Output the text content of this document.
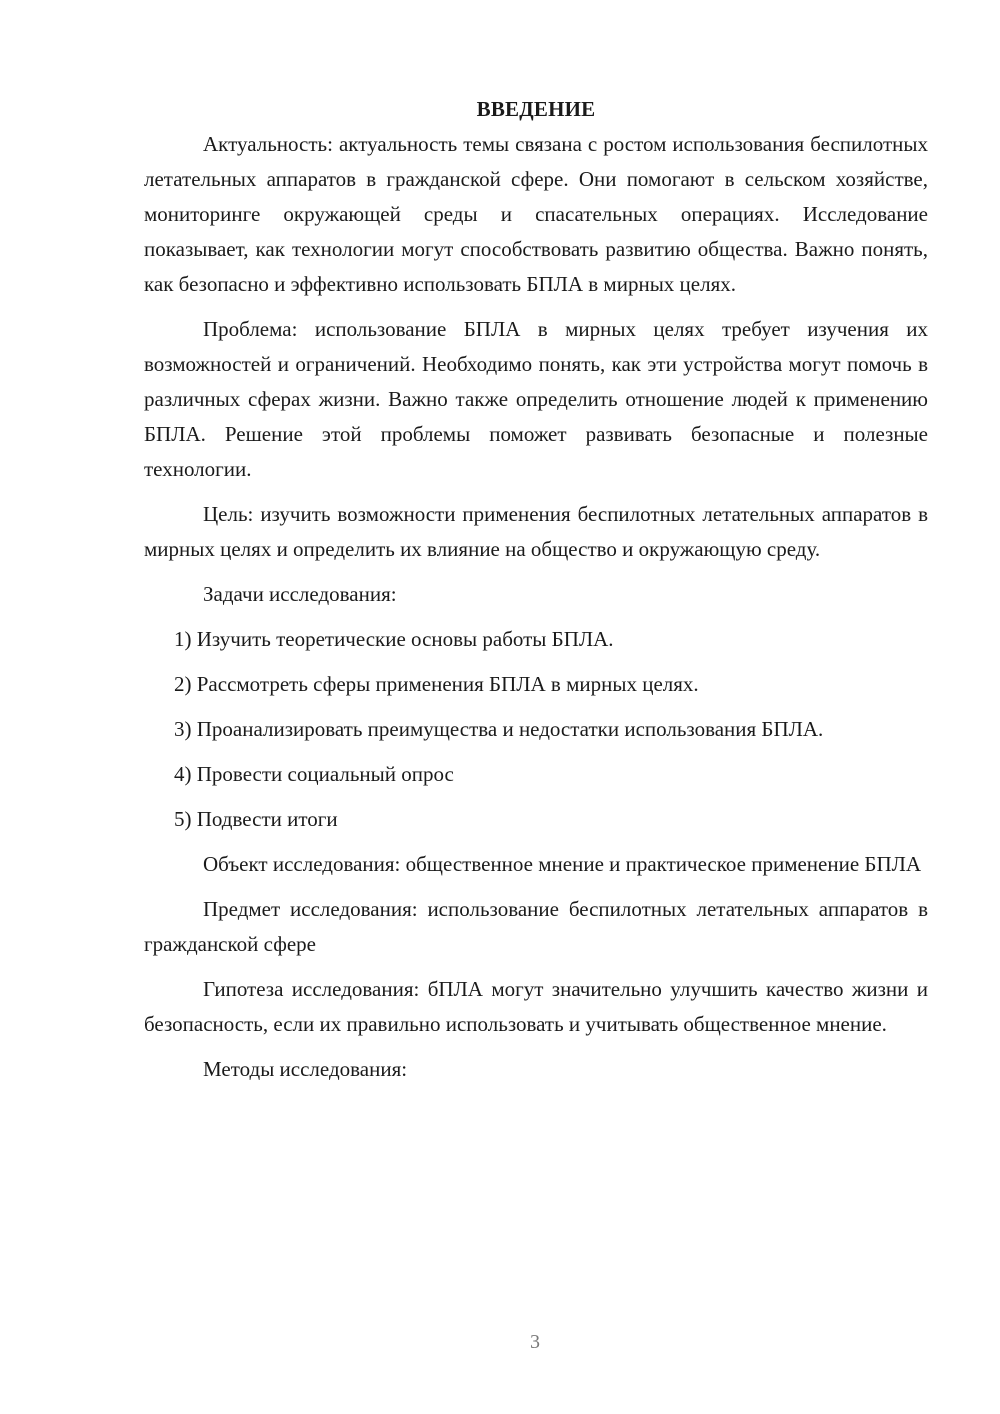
ВВЕДЕНИЕ

Актуальность: актуальность темы связана с ростом использования беспилотных летательных аппаратов в гражданской сфере. Они помогают в сельском хозяйстве, мониторинге окружающей среды и спасательных операциях. Исследование показывает, как технологии могут способствовать развитию общества. Важно понять, как безопасно и эффективно использовать БПЛА в мирных целях.

Проблема: использование БПЛА в мирных целях требует изучения их возможностей и ограничений. Необходимо понять, как эти устройства могут помочь в различных сферах жизни. Важно также определить отношение людей к применению БПЛА. Решение этой проблемы поможет развивать безопасные и полезные технологии.

Цель: изучить возможности применения беспилотных летательных аппаратов в мирных целях и определить их влияние на общество и окружающую среду.

Задачи исследования:

1) Изучить теоретические основы работы БПЛА.

2) Рассмотреть сферы применения БПЛА в мирных целях.

3) Проанализировать преимущества и недостатки использования БПЛА.

4) Провести социальный опрос

5) Подвести итоги

Объект исследования: общественное мнение и практическое применение БПЛА

Предмет исследования: использование беспилотных летательных аппаратов в гражданской сфере

Гипотеза исследования: бПЛА могут значительно улучшить качество жизни и безопасность, если их правильно использовать и учитывать общественное мнение.

Методы исследования:

3
